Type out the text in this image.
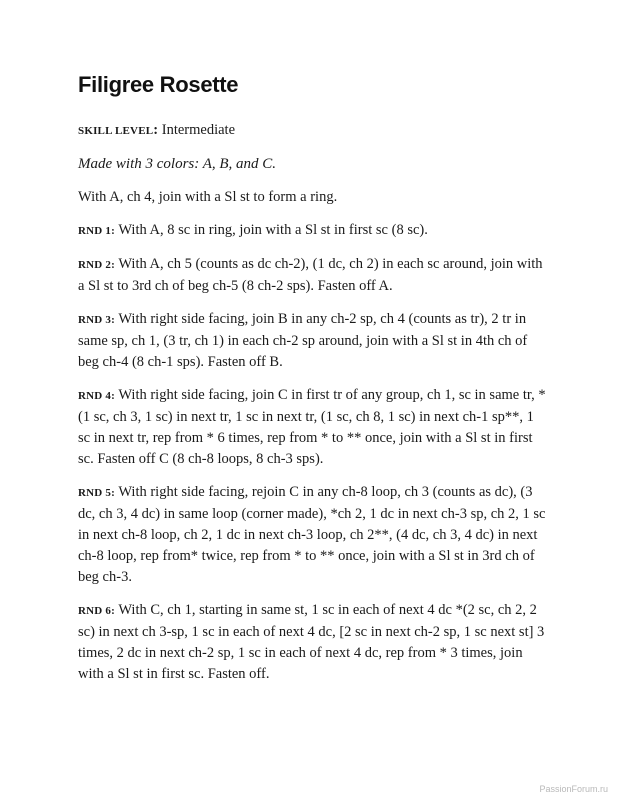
Filigree Rosette

SKILL LEVEL: Intermediate

Made with 3 colors: A, B, and C.

With A, ch 4, join with a Sl st to form a ring.

RND 1: With A, 8 sc in ring, join with a Sl st in first sc (8 sc).

RND 2: With A, ch 5 (counts as dc ch-2), (1 dc, ch 2) in each sc around, join with a Sl st to 3rd ch of beg ch-5 (8 ch-2 sps). Fasten off A.

RND 3: With right side facing, join B in any ch-2 sp, ch 4 (counts as tr), 2 tr in same sp, ch 1, (3 tr, ch 1) in each ch-2 sp around, join with a Sl st in 4th ch of beg ch-4 (8 ch-1 sps). Fasten off B.

RND 4: With right side facing, join C in first tr of any group, ch 1, sc in same tr, *(1 sc, ch 3, 1 sc) in next tr, 1 sc in next tr, (1 sc, ch 8, 1 sc) in next ch-1 sp**, 1 sc in next tr, rep from * 6 times, rep from * to ** once, join with a Sl st in first sc. Fasten off C (8 ch-8 loops, 8 ch-3 sps).

RND 5: With right side facing, rejoin C in any ch-8 loop, ch 3 (counts as dc), (3 dc, ch 3, 4 dc) in same loop (corner made), *ch 2, 1 dc in next ch-3 sp, ch 2, 1 sc in next ch-8 loop, ch 2, 1 dc in next ch-3 loop, ch 2**, (4 dc, ch 3, 4 dc) in next ch-8 loop, rep from* twice, rep from * to ** once, join with a Sl st in 3rd ch of beg ch-3.

RND 6: With C, ch 1, starting in same st, 1 sc in each of next 4 dc *(2 sc, ch 2, 2 sc) in next ch 3-sp, 1 sc in each of next 4 dc, [2 sc in next ch-2 sp, 1 sc next st] 3 times, 2 dc in next ch-2 sp, 1 sc in each of next 4 dc, rep from * 3 times, join with a Sl st in first sc. Fasten off.

PassionForum.ru
